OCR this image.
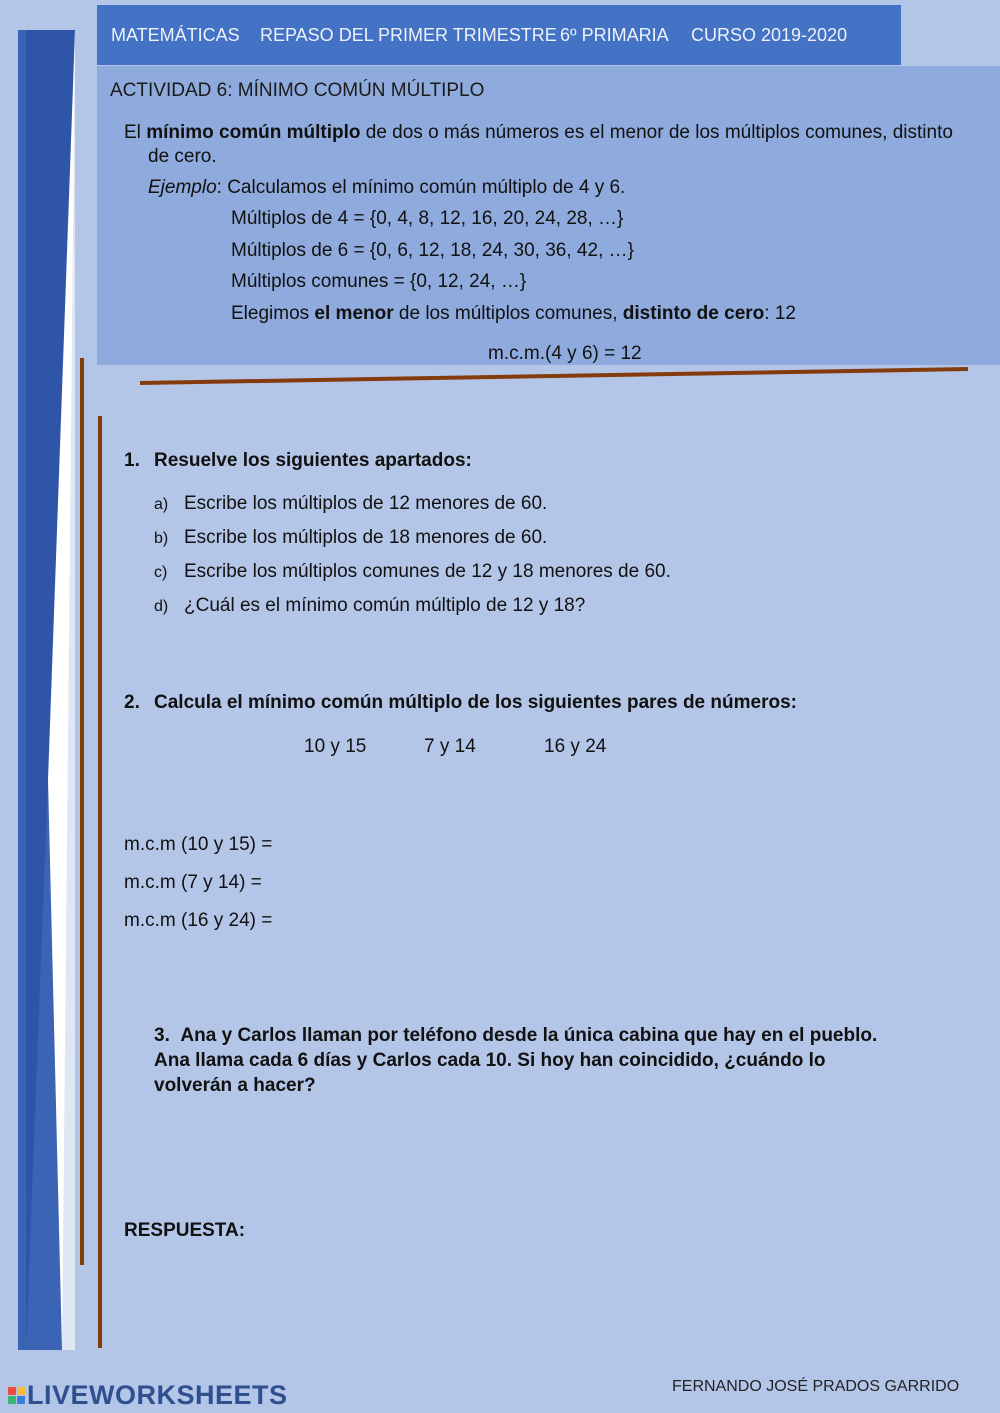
MATEMÁTICAS REPASO DEL PRIMER TRIMESTRE 6º PRIMARIA CURSO 2019-2020
ACTIVIDAD 6: MÍNIMO COMÚN MÚLTIPLO
El mínimo común múltiplo de dos o más números es el menor de los múltiplos comunes, distinto
de cero.
Ejemplo: Calculamos el mínimo común múltiplo de 4 y 6.
Múltiplos de 4 = {0, 4, 8, 12, 16, 20, 24, 28, …}
Múltiplos de 6 = {0, 6, 12, 18, 24, 30, 36, 42, …}
Múltiplos comunes = {0, 12, 24, …}
Elegimos el menor de los múltiplos comunes, distinto de cero: 12
m.c.m.(4 y 6) = 12
1. Resuelve los siguientes apartados:
a) Escribe los múltiplos de 12 menores de 60.
b) Escribe los múltiplos de 18 menores de 60.
c) Escribe los múltiplos comunes de 12 y 18 menores de 60.
d) ¿Cuál es el mínimo común múltiplo de 12 y 18?
2. Calcula el mínimo común múltiplo de los siguientes pares de números:
10 y 15	7 y 14	16 y 24
m.c.m (10 y 15) =
m.c.m (7 y 14) =
m.c.m (16 y 24) =
3. Ana y Carlos llaman por teléfono desde la única cabina que hay en el pueblo.
Ana llama cada 6 días y Carlos cada 10. Si hoy han coincidido, ¿cuándo lo
volverán a hacer?
RESPUESTA:
LIVEWORKSHEETS	FERNANDO JOSÉ PRADOS GARRIDO
